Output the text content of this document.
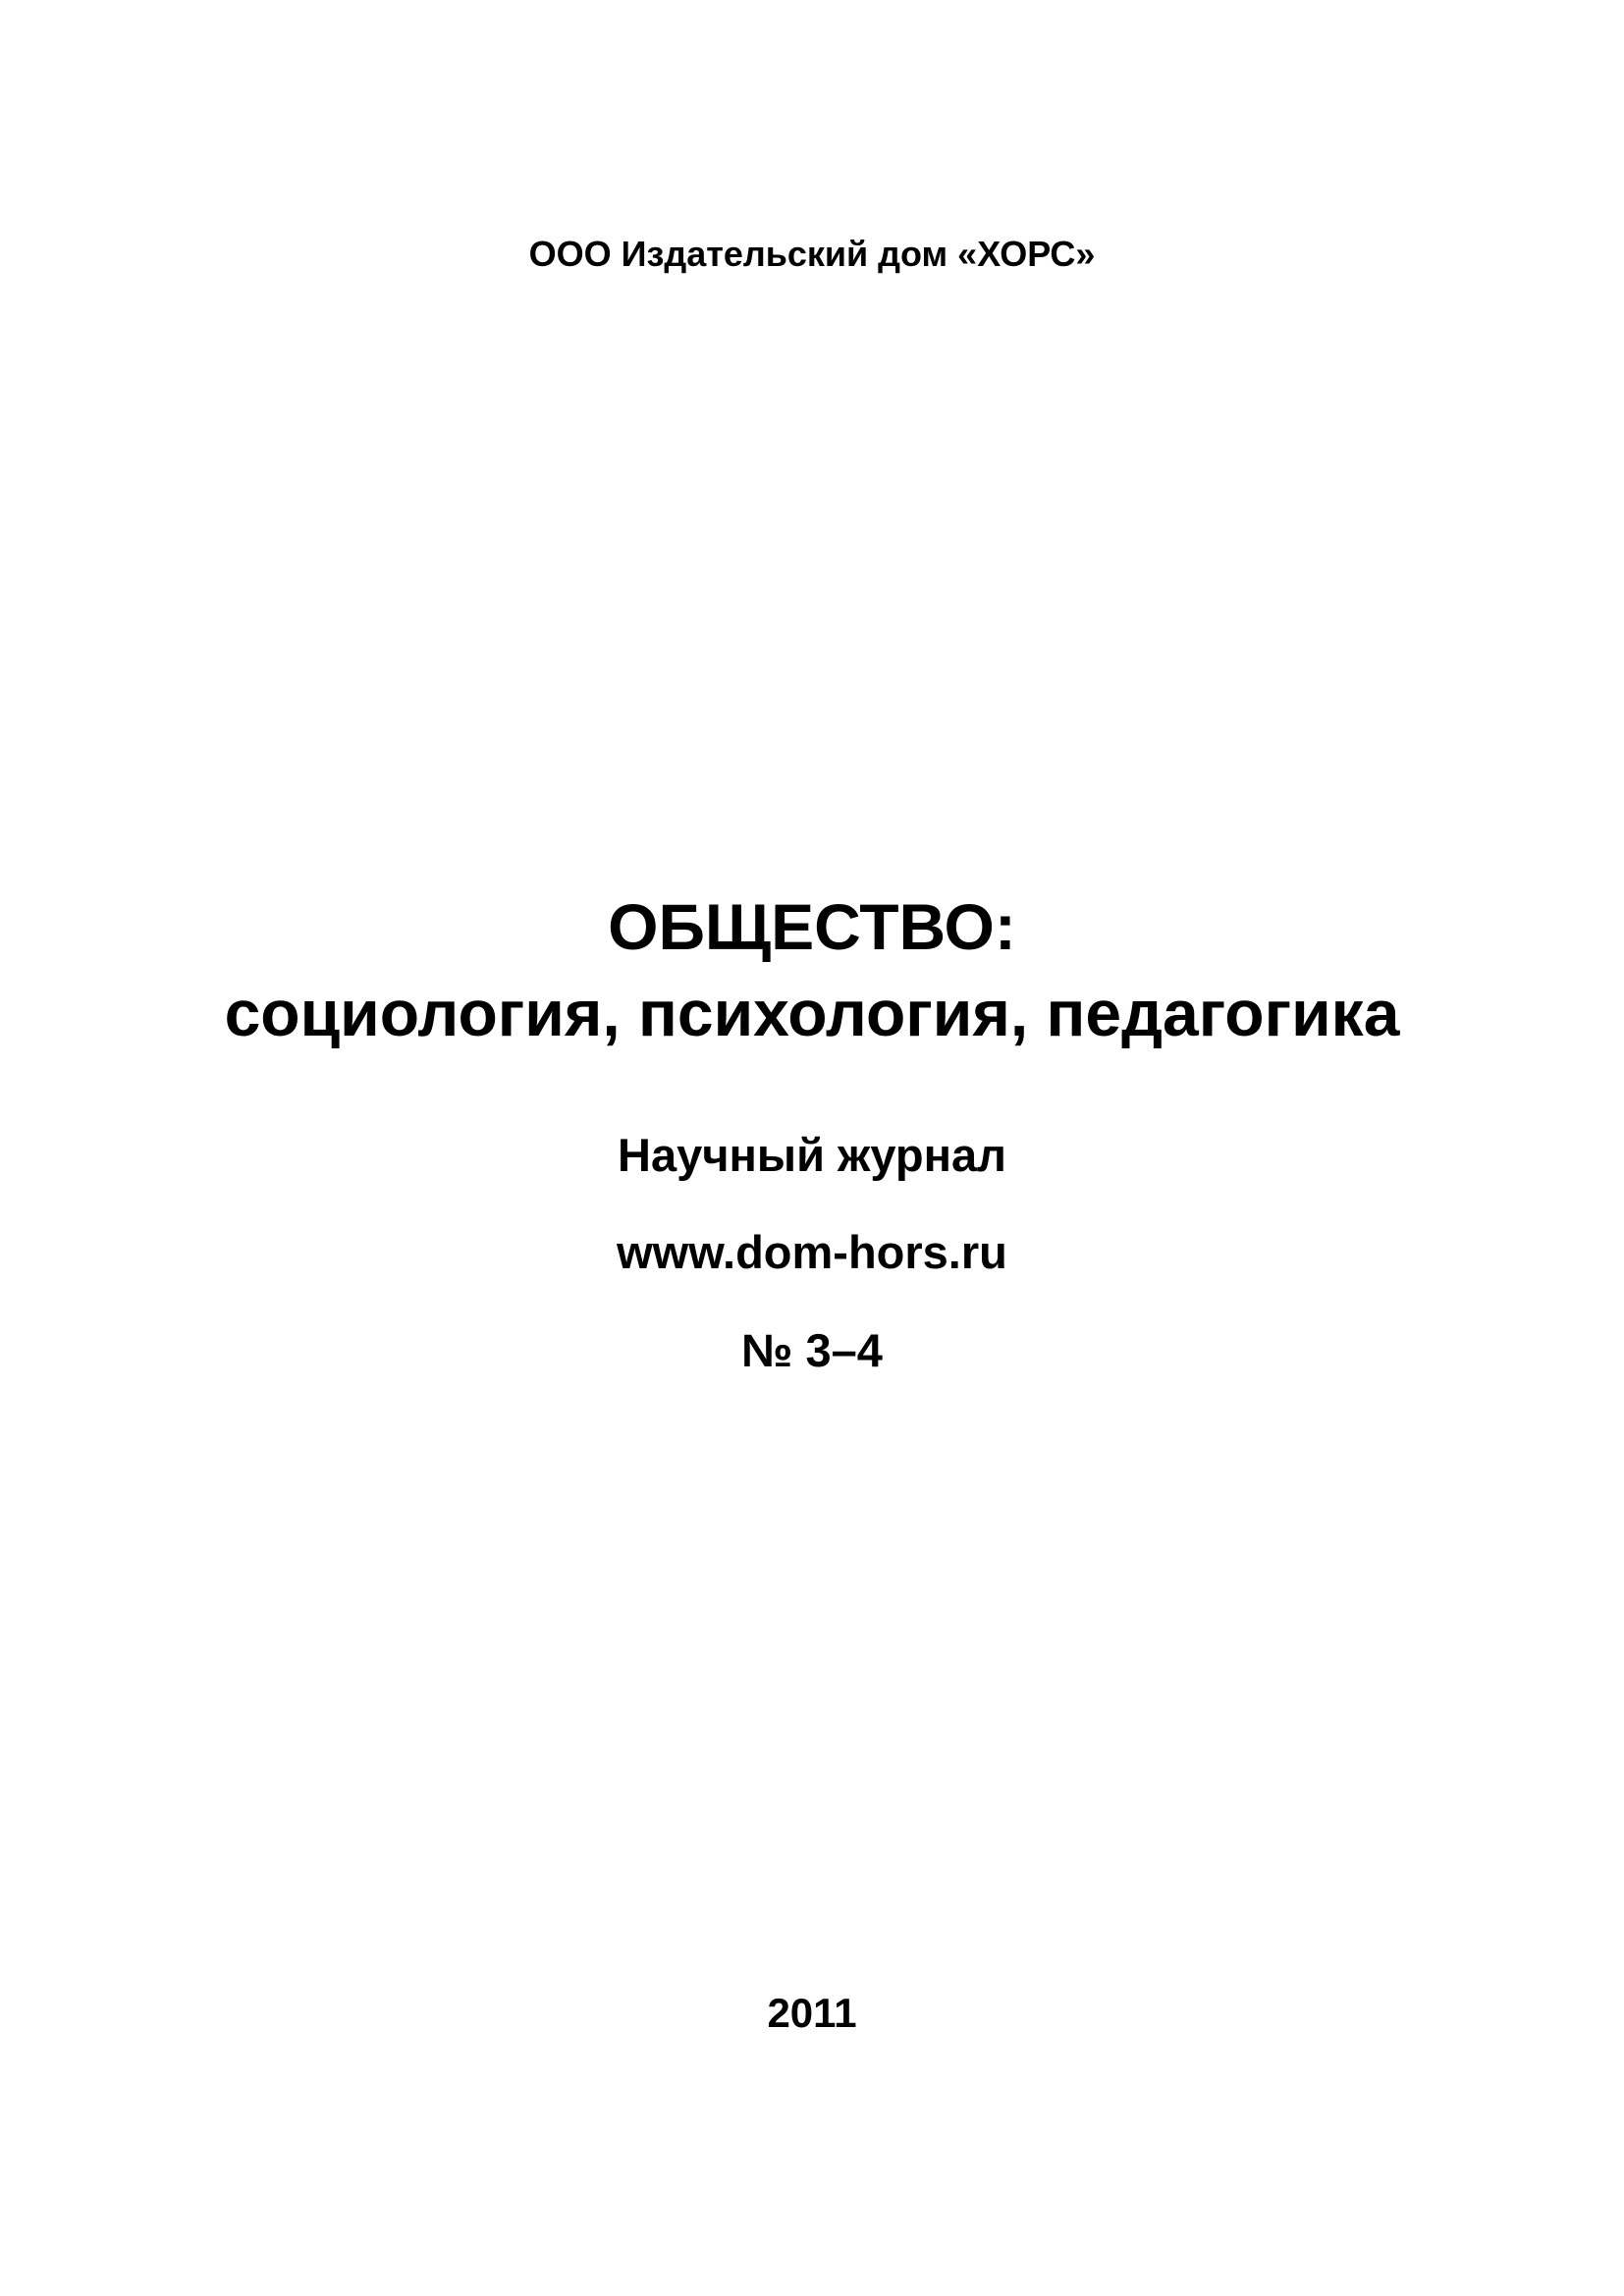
ООО Издательский дом «ХОРС»
ОБЩЕСТВО:
социология, психология, педагогика
Научный журнал
www.dom-hors.ru
№ 3–4
2011
